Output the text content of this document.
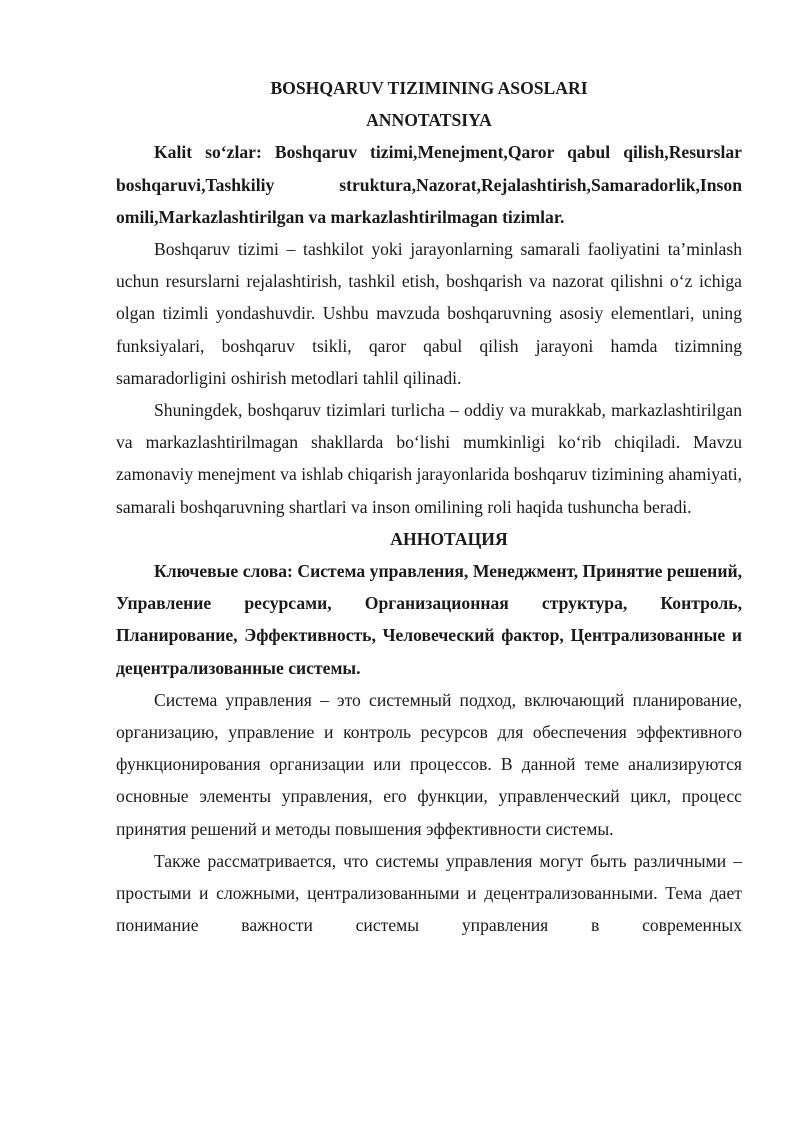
BOSHQARUV TIZIMINING ASOSLARI
ANNOTATSIYA

Kalit so‘zlar: Boshqaruv tizimi,Menejment,Qaror qabul qilish,Resurslar boshqaruvi,Tashkiliy struktura,Nazorat,Rejalashtirish,Samaradorlik,Inson omili,Markazlashtirilgan va markazlashtirilmagan tizimlar.

Boshqaruv tizimi – tashkilot yoki jarayonlarning samarali faoliyatini ta’minlash uchun resurslarni rejalashtirish, tashkil etish, boshqarish va nazorat qilishni o‘z ichiga olgan tizimli yondashuvdir. Ushbu mavzuda boshqaruvning asosiy elementlari, uning funksiyalari, boshqaruv tsikli, qaror qabul qilish jarayoni hamda tizimning samaradorligini oshirish metodlari tahlil qilinadi.

Shuningdek, boshqaruv tizimlari turlicha – oddiy va murakkab, markazlashtirilgan va markazlashtirilmagan shakllarda bo‘lishi mumkinligi ko‘rib chiqiladi. Mavzu zamonaviy menejment va ishlab chiqarish jarayonlarida boshqaruv tizimining ahamiyati, samarali boshqaruvning shartlari va inson omilining roli haqida tushuncha beradi.

АННОТАЦИЯ

Ключевые слова: Система управления, Менеджмент, Принятие решений, Управление ресурсами, Организационная структура, Контроль, Планирование, Эффективность, Человеческий фактор, Централизованные и децентрализованные системы.

Система управления – это системный подход, включающий планирование, организацию, управление и контроль ресурсов для обеспечения эффективного функционирования организации или процессов. В данной теме анализируются основные элементы управления, его функции, управленческий цикл, процесс принятия решений и методы повышения эффективности системы.

Также рассматривается, что системы управления могут быть различными – простыми и сложными, централизованными и децентрализованными. Тема дает понимание важности системы управления в современных
